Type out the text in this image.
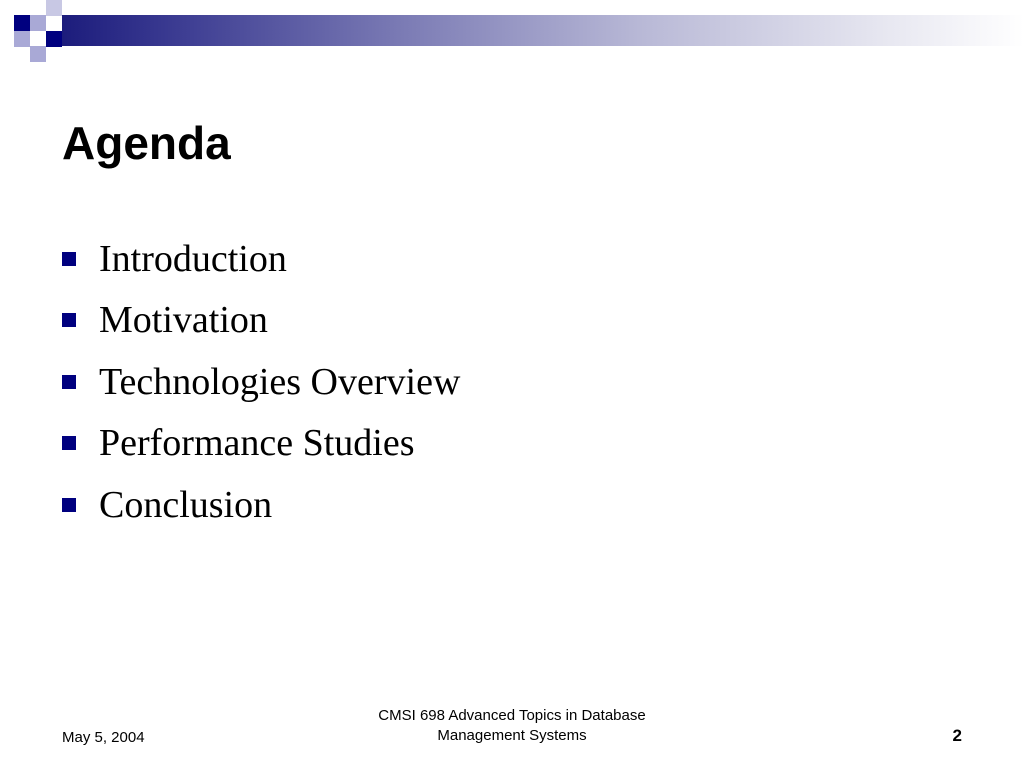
Agenda
Introduction
Motivation
Technologies Overview
Performance Studies
Conclusion
May 5, 2004
CMSI 698 Advanced Topics in Database
Management Systems	2
